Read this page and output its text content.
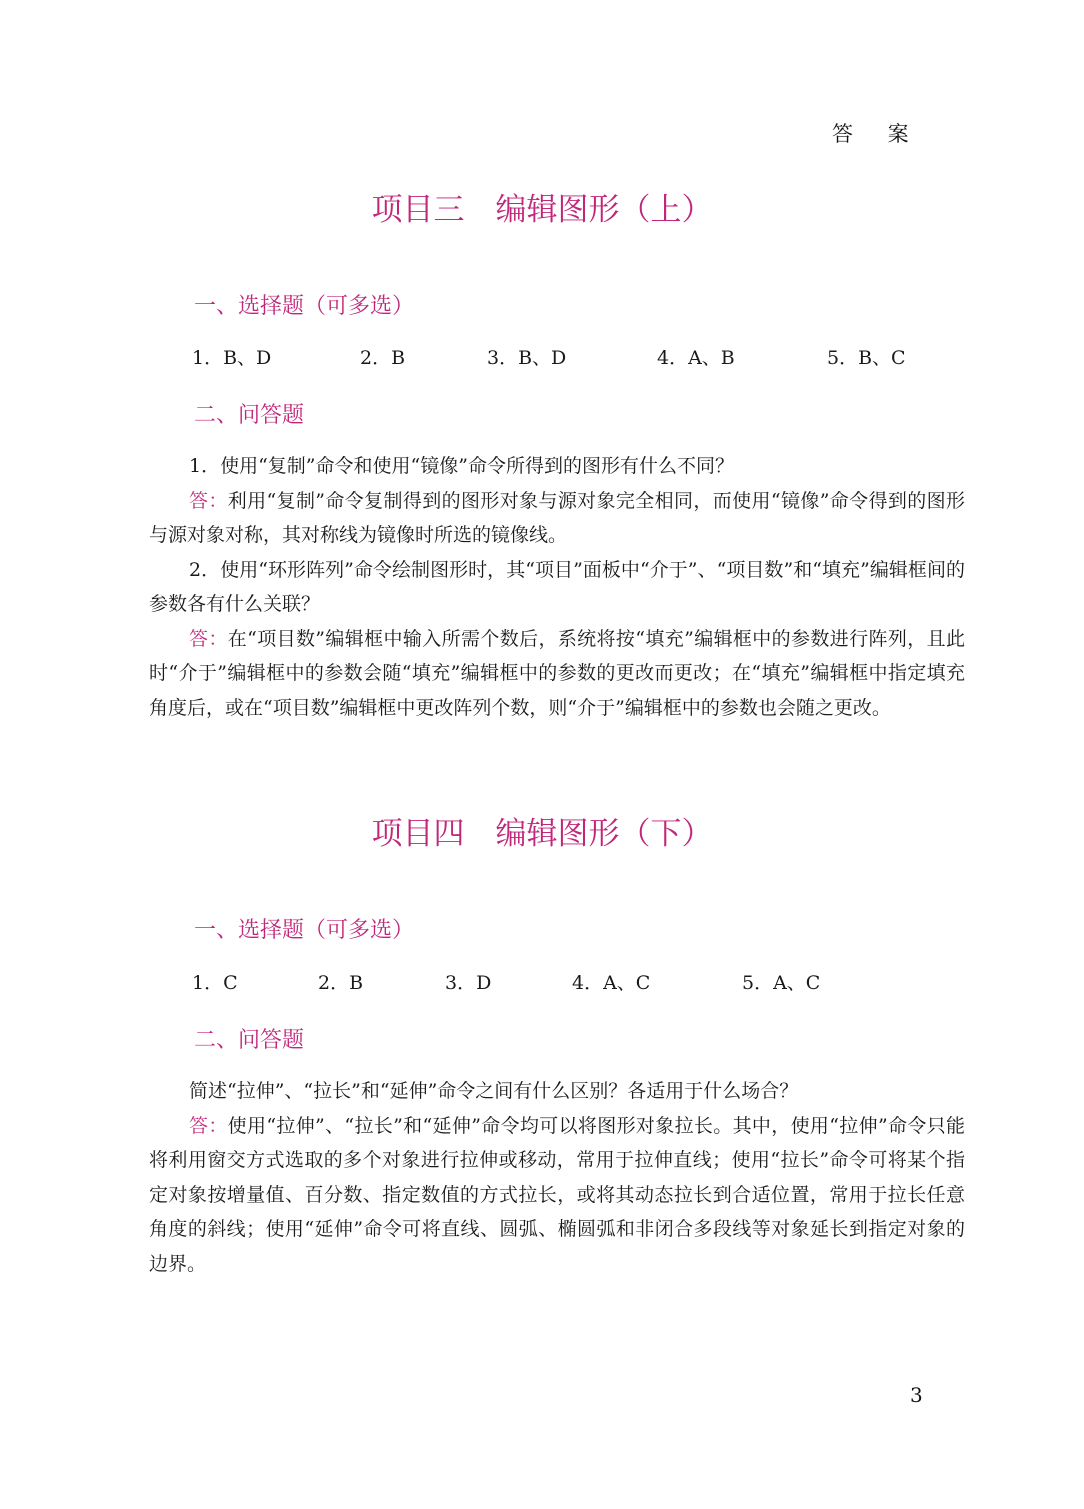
答 案
项目三　编辑图形（上）
一、选择题（可多选）
1．B、D	2．B	3．B、D	4．A、B	5．B、C
二、问答题

1．使用“复制”命令和使用“镜像”命令所得到的图形有什么不同？

答：利用“复制”命令复制得到的图形对象与源对象完全相同，而使用“镜像”命令得到的图形与源对象对称，其对称线为镜像时所选的镜像线。

2．使用“环形阵列”命令绘制图形时，其“项目”面板中“介于”、“项目数”和“填充”编辑框间的参数各有什么关联？

答：在“项目数”编辑框中输入所需个数后，系统将按“填充”编辑框中的参数进行阵列，且此时“介于”编辑框中的参数会随“填充”编辑框中的参数的更改而更改；在“填充”编辑框中指定填充角度后，或在“项目数”编辑框中更改阵列个数，则“介于”编辑框中的参数也会随之更改。

项目四　编辑图形（下）
一、选择题（可多选）
1．C	2．B	3．D	4．A、C	5．A、C
二、问答题

简述“拉伸”、“拉长”和“延伸”命令之间有什么区别？各适用于什么场合？

答：使用“拉伸”、“拉长”和“延伸”命令均可以将图形对象拉长。其中，使用“拉伸”命令只能将利用窗交方式选取的多个对象进行拉伸或移动，常用于拉伸直线；使用“拉长”命令可将某个指定对象按增量值、百分数、指定数值的方式拉长，或将其动态拉长到合适位置，常用于拉长任意角度的斜线；使用“延伸”命令可将直线、圆弧、椭圆弧和非闭合多段线等对象延长到指定对象的边界。

3
